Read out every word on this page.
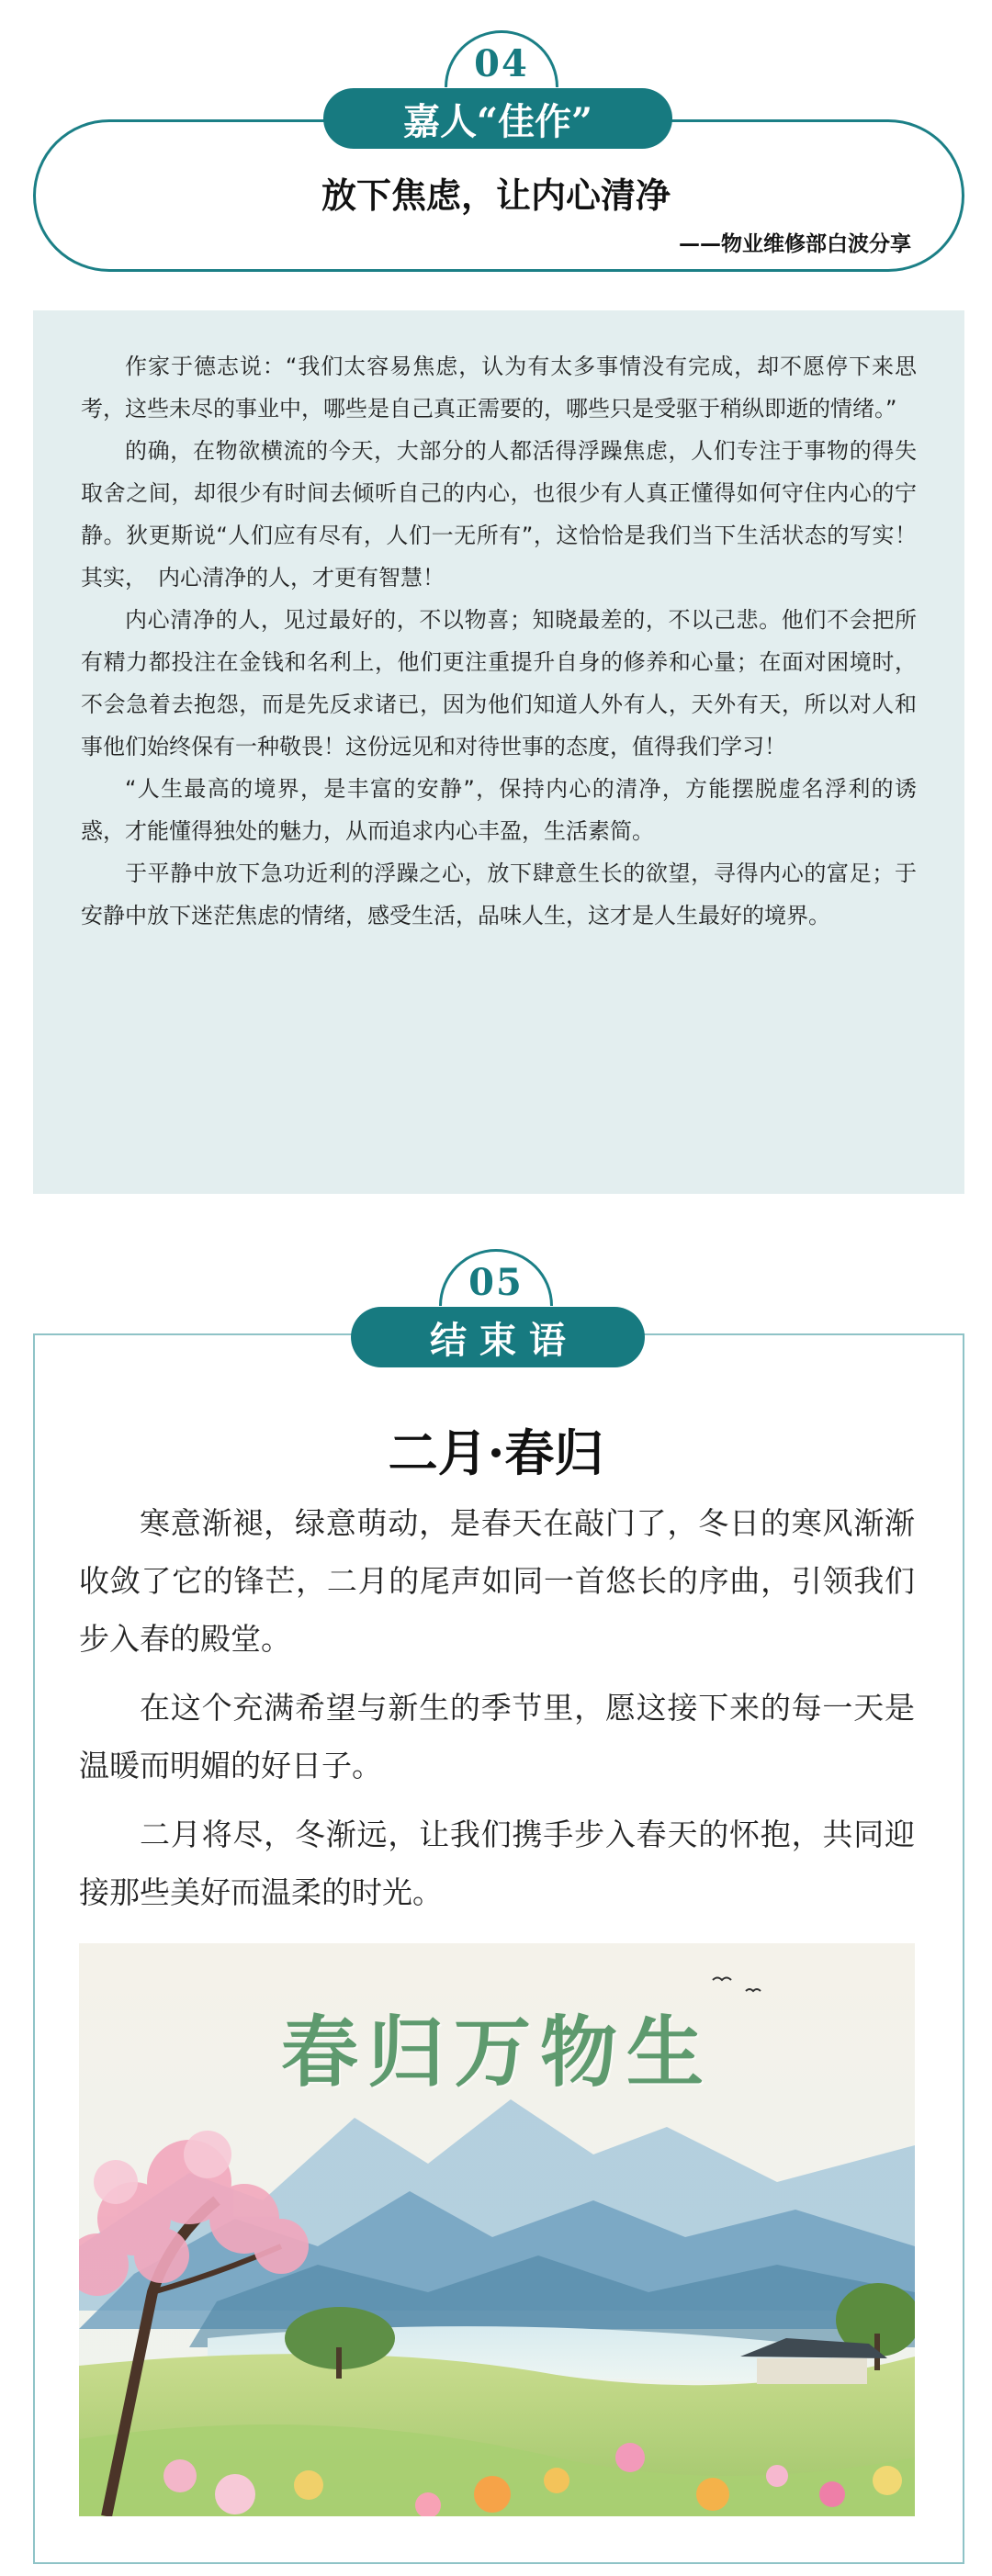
04
嘉人“佳作”
放下焦虑，让内心清净
——物业维修部白波分享

作家于德志说：“我们太容易焦虑，认为有太多事情没有完成，却不愿停下来思考，这些未尽的事业中，哪些是自己真正需要的，哪些只是受驱于稍纵即逝的情绪。”

的确，在物欲横流的今天，大部分的人都活得浮躁焦虑，人们专注于事物的得失取舍之间，却很少有时间去倾听自己的内心，也很少有人真正懂得如何守住内心的宁静。狄更斯说“人们应有尽有，人们一无所有”，这恰恰是我们当下生活状态的写实！其实，　内心清净的人，才更有智慧！

内心清净的人，见过最好的，不以物喜；知晓最差的，不以己悲。他们不会把所有精力都投注在金钱和名利上，他们更注重提升自身的修养和心量；在面对困境时，不会急着去抱怨，而是先反求诸已，因为他们知道人外有人，天外有天，所以对人和事他们始终保有一种敬畏！这份远见和对待世事的态度，值得我们学习！

“人生最高的境界，是丰富的安静”，保持内心的清净，方能摆脱虚名浮利的诱惑，才能懂得独处的魅力，从而追求内心丰盈，生活素简。

于平静中放下急功近利的浮躁之心，放下肆意生长的欲望，寻得内心的富足；于安静中放下迷茫焦虑的情绪，感受生活，品味人生，这才是人生最好的境界。

05
结 束 语
二月·春归

寒意渐褪，绿意萌动，是春天在敲门了，冬日的寒风渐渐收敛了它的锋芒，二月的尾声如同一首悠长的序曲，引领我们步入春的殿堂。

在这个充满希望与新生的季节里，愿这接下来的每一天是温暖而明媚的好日子。

二月将尽，冬渐远，让我们携手步入春天的怀抱，共同迎接那些美好而温柔的时光。

春归万物生
